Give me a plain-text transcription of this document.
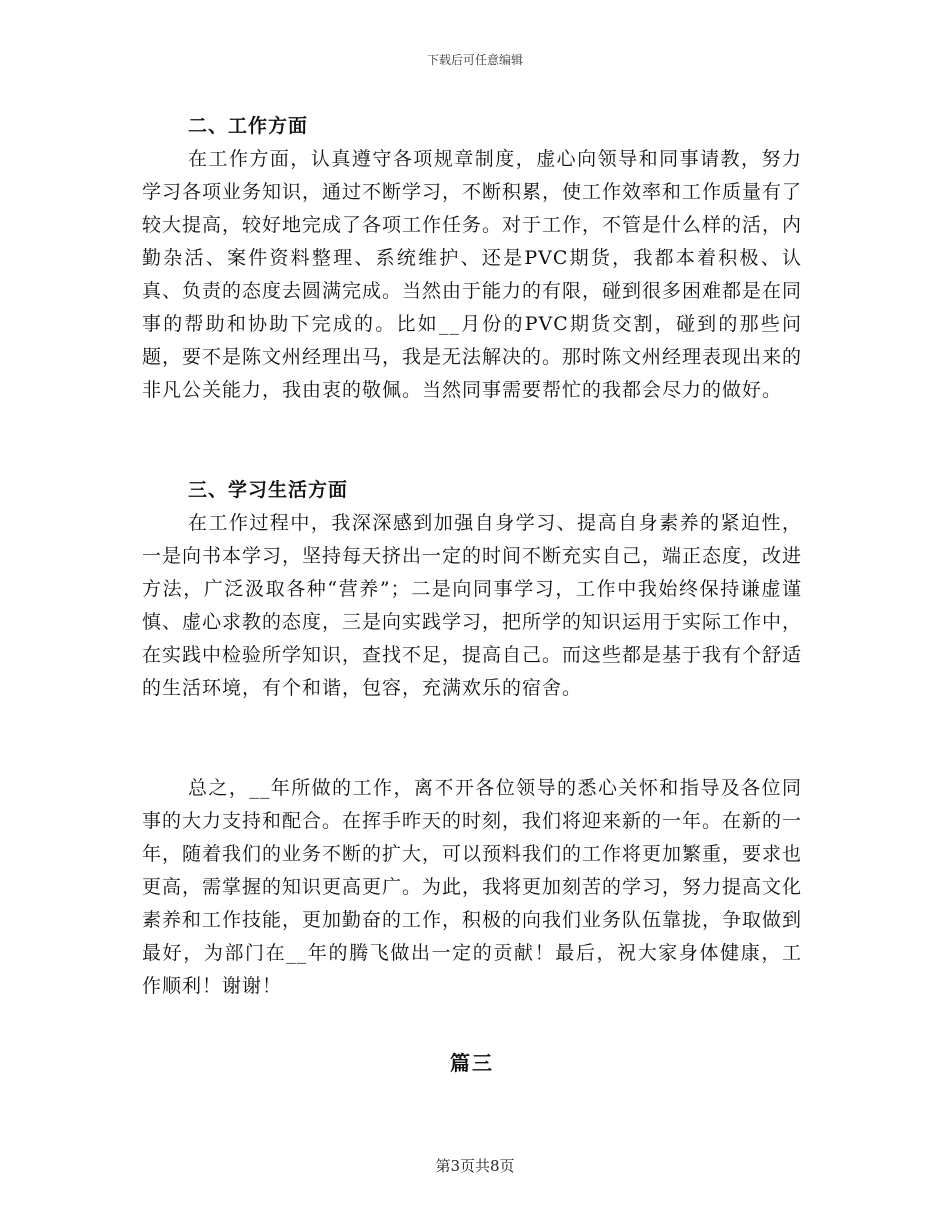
下载后可任意编辑
二、工作方面

在工作方面，认真遵守各项规章制度，虚心向领导和同事请教，努力学习各项业务知识，通过不断学习，不断积累，使工作效率和工作质量有了较大提高，较好地完成了各项工作任务。对于工作，不管是什么样的活，内勤杂活、案件资料整理、系统维护、还是PVC期货，我都本着积极、认真、负责的态度去圆满完成。当然由于能力的有限，碰到很多困难都是在同事的帮助和协助下完成的。比如__月份的PVC期货交割，碰到的那些问题，要不是陈文州经理出马，我是无法解决的。那时陈文州经理表现出来的非凡公关能力，我由衷的敬佩。当然同事需要帮忙的我都会尽力的做好。

三、学习生活方面

在工作过程中，我深深感到加强自身学习、提高自身素养的紧迫性，一是向书本学习，坚持每天挤出一定的时间不断充实自己，端正态度，改进方法，广泛汲取各种“营养”；二是向同事学习，工作中我始终保持谦虚谨慎、虚心求教的态度，三是向实践学习，把所学的知识运用于实际工作中，在实践中检验所学知识，查找不足，提高自己。而这些都是基于我有个舒适的生活环境，有个和谐，包容，充满欢乐的宿舍。

总之，__年所做的工作，离不开各位领导的悉心关怀和指导及各位同事的大力支持和配合。在挥手昨天的时刻，我们将迎来新的一年。在新的一年，随着我们的业务不断的扩大，可以预料我们的工作将更加繁重，要求也更高，需掌握的知识更高更广。为此，我将更加刻苦的学习，努力提高文化素养和工作技能，更加勤奋的工作，积极的向我们业务队伍靠拢，争取做到最好，为部门在__年的腾飞做出一定的贡献！最后，祝大家身体健康，工作顺利！谢谢！

篇三
第3页共8页
